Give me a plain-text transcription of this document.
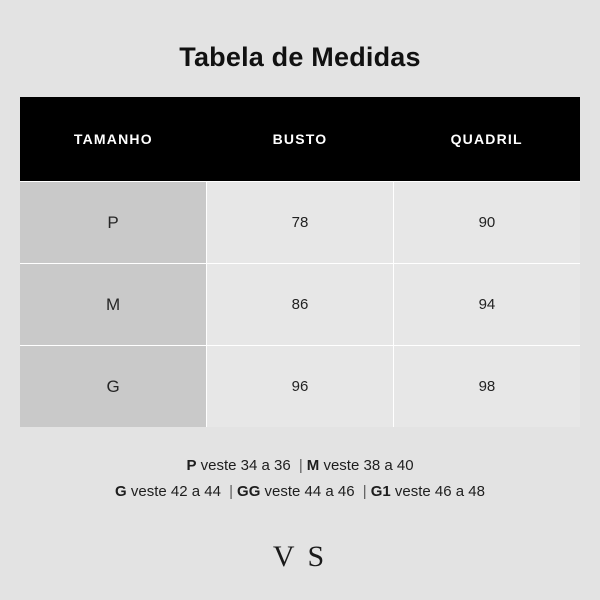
Tabela de Medidas
TAMANHO	BUSTO	QUADRIL
P	78	90
M	86	94
G	96	98
P veste 34 a 36 | M veste 38 a 40
G veste 42 a 44 | GG veste 44 a 46 | G1 veste 46 a 48
V S
